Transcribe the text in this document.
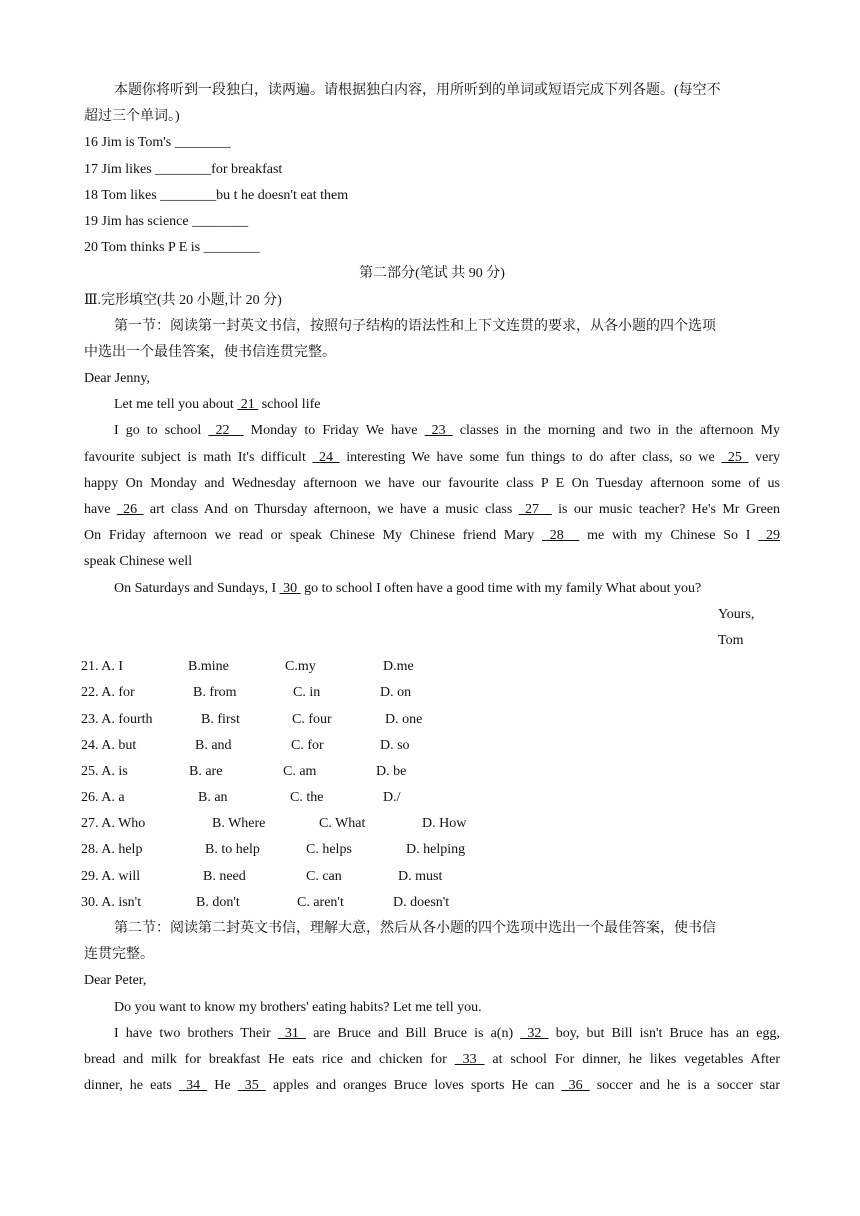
本题你将听到一段独白，读两遍。请根据独白内容，用所听到的单词或短语完成下列各题。(每空不
超过三个单词。)
16 Jim is Tom's ________
17 Jim likes ________for breakfast
18 Tom likes ________bu t he doesn't eat them
19 Jim has science ________
20 Tom thinks P E is ________
第二部分(笔试 共 90 分)
Ⅲ.完形填空(共 20 小题,计 20 分)
第一节：阅读第一封英文书信，按照句子结构的语法性和上下文连贯的要求，从各小题的四个选项
中选出一个最佳答案，使书信连贯完整。
Dear Jenny,
Let me tell you about  21  school life
I go to school  22   Monday to Friday We have  23  classes in the morning and two in the afternoon My
favourite subject is math It's difficult  24  interesting We have some fun things to do after class, so we  25  very
happy On Monday and Wednesday afternoon we have our favourite class P E On Tuesday afternoon some of us
have  26  art class And on Thursday afternoon, we have a music class  27   is our music teacher? He's Mr Green
On Friday afternoon we read or speak Chinese My Chinese friend Mary  28   me with my Chinese So I  29
speak Chinese well
On Saturdays and Sundays, I  30  go to school I often have a good time with my family What about you?
Yours,
Tom
21. A. I	B.mine	C.my	D.me
22. A. for	B. from	C. in	D. on
23. A. fourth	B. first	C. four	D. one
24. A. but	B. and	C. for	D. so
25. A. is	B. are	C. am	D. be
26. A. a	B. an	C. the	D./
27. A. Who	B. Where	C. What	D. How
28. A. help	B. to help	C. helps	D. helping
29. A. will	B. need	C. can	D. must
30. A. isn't	B. don't	C. aren't	D. doesn't
第二节：阅读第二封英文书信，理解大意，然后从各小题的四个选项中选出一个最佳答案，使书信
连贯完整。
Dear Peter,
Do you want to know my brothers' eating habits? Let me tell you.
I have two brothers Their  31  are Bruce and Bill Bruce is a(n)  32  boy, but Bill isn't Bruce has an egg,
bread and milk for breakfast He eats rice and chicken for  33  at school For dinner, he likes vegetables After
dinner, he eats  34  He  35  apples and oranges Bruce loves sports He can  36  soccer and he is a soccer star
